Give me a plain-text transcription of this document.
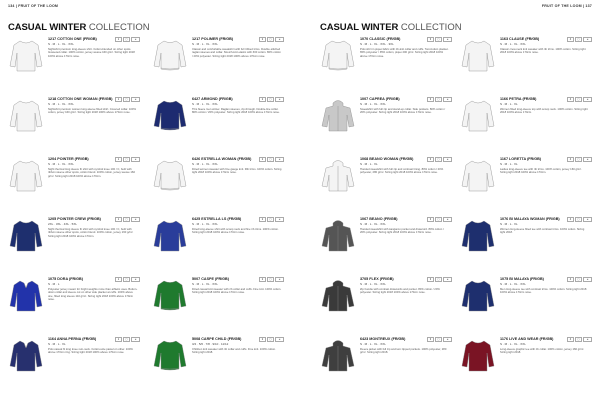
134 | FRUIT OF THE LOOM
CASUAL WINTER COLLECTION
1217 COTTON ONE (FR/GB)
S · M · L · XL · XXL
Nightshirt premium long-sleeve shirt. Cotton-blended on other spots. Gusseted collar. 100% cotton, jersey weave 160 g/m². Sizing tight 2018 100% above 170cm nose.
1	◻	≡
1218 COTTON ONE WOMAN (FR/GB)
S · M · L · XL · XXL
Nightshirt premium women long-sleeve fitted shirt. Covered collar. 100% cotton, jersey 160 g/m². Sizing tight 2018 100% above 170cm nose.
1	◻	≡
1204 POINTER (FR/GB)
S · M · L · XL · XXL
Night thermal long sleeve fit shirt with symbol knee 100 / C, built with ribbon sleeve other spots, cotton blend. 100% cotton, jersey weave 160 g/m². Sizing tight 2018 100% above 170cm.
1	◻	≡
1205 POINTER CREW (FR/GB)
2XL · 3XL · 4XL · 5XL
Night thermal long sleeve fit shirt with symbol knee 100 / C, built with ribbon sleeve other spots, cotton blend. 100% cotton, jersey 160 g/m². Sizing tight 2018 100% above 170cm.
1	◻	≡
1075 DORA (FR/GB)
S · M · L
Polyester jersey meant for bright weights more than athletic uses. Button-down collar and sleeve cut on other side placket at cuffs. 100% above one, fitted long sleeve 110 g/m². Sizing tight 2018 100% above 170cm nose.
1	◻	≡
1164 ANNA PERNA (FR/GB)
S · M · L · XL
Polo casual fit long knee rein-neck. Cotton-sole pastel on other. 100% above 170cm ring. Sizing tight 2018 100% above 170cm nose.
1	◻	≡
1217 POLIMER (FR/GB)
S · M · L · XL · XXL
Classic and comfortable sweatshirt with full ribbed trims. Double-stitched raglan sleeves and collar. Stretch-knit elastic with 300 cotton. 80% cotton / 20% polyester. Sizing tight 2018 100% above 170cm nose.
2	◻	≡
6427 ARMOND (FR/GB)
S · M · L · XL · XXL
This fleece men winter. Raglan sleeves, zip-through. Double-line collar. 80% cotton / 20% polyester. Sizing tight 2018 100% above 170cm nose.
2	◻	≡
6426 ESTRELLA WOMAN (FR/GB)
S · M · L · XL · XXL
Fitted women sweater with fine gauge knit. Rib trims. 100% cotton. Sizing tight 2018 100% above 170cm nose.
2	◻	≡
6425 ESTRELLA LS (FR/GB)
S · M · L · XL · XXL
Fitted long-sleeve shirt with scoop neck and fine rib trims. 100% cotton. Sizing tight 2018 100% above 170cm nose.
2	◻	≡
5007 CASPE (FR/GB)
S · M · L · XL · XXL
Fitted casual knit sweater with rib collar and cuffs. Fine knit. 100% cotton. Sizing tight 2018 100% above 170cm nose.
2	◻	≡
5008 CARPE CHILD (FR/GB)
3/4 · 5/6 · 7/8 · 9/10 · 11/12
Children knit sweater with rib collar and cuffs. Fine knit. 100% cotton. Sizing tight 2018.
2	◻	≡
FRUIT OF THE LOOM | 137
CASUAL WINTER COLLECTION
1070 CLASSIC (FR/GB)
S · M · L · XL · XXL · 3XL
Polo shirt in piqué fabric with rib-knit collar and cuffs. Two-button placket. 65% polyester / 35% cotton, piqué 200 g/m². Sizing tight 2018 100% above 170cm nose.
3	◻	≡
1007 CAPREA (FR/GB)
S · M · L · XL · XXL
Sweatshirt with full zip and stand-up collar. Side pockets. 80% cotton / 20% polyester. Sizing tight 2018 100% above 170cm nose.
3	◻	≡
1068 BEANO WOMAN (FR/GB)
S · M · L · XL
Hooded sweatshirt with full zip and contrast lining. 80% cotton / 20% polyester, 280 g/m². Sizing tight 2018 100% above 170cm nose.
3	◻	≡
1067 BEANO (FR/GB)
S · M · L · XL · XXL
Hooded sweatshirt with kangaroo pocket and drawcord. 80% cotton / 20% polyester. Sizing tight 2018 100% above 170cm nose.
3	◻	≡
3705 FLEX (FR/GB)
S · M · L · XL · XXL
Zip hoodie with contrast drawcords and pocket. 80% cotton / 20% polyester. Sizing tight 2018 100% above 170cm nose.
3	◻	≡
6423 MONTREUX (FR/GB)
S · M · L · XL · XXL
Fleece jacket with full zip and two zipped pockets. 100% polyester, 280 g/m². Sizing tight 2018.
3	◻	≡
1163 CLAUSE (FR/GB)
S · M · L · XL · XXL
Classic crew-neck knit sweater with rib trims. 100% cotton. Sizing tight 2018 100% above 170cm nose.
4	◻	≡
1166 PETRA (FR/GB)
S · M · L · XL
Women fitted long-sleeve top with scoop neck. 100% cotton. Sizing tight 2018 100% above 170cm.
4	◻	≡
1167 LORETTA (FR/GB)
S · M · L · XL
Ladies long-sleeve tee with rib trims. 100% cotton, jersey 160 g/m². Sizing tight 2018 100% above 170cm.
4	◻	≡
1076 BI MALAYA WOMAN (FR/GB)
S · M · L · XL
Women long-sleeve fitted tee with contrast trims. 100% cotton. Sizing tight 2018.
4	◻	≡
1075 BI MALAYA (FR/GB)
S · M · L · XL · XXL
Men long-sleeve tee with contrast trims. 100% cotton. Sizing tight 2018 100% above 170cm nose.
4	◻	≡
1176 LIVE AND WEAR (FR/GB)
S · M · L · XL · XXL
Long-sleeve graphic tee with rib collar. 100% cotton, jersey 160 g/m². Sizing tight 2018.
4	◻	≡
